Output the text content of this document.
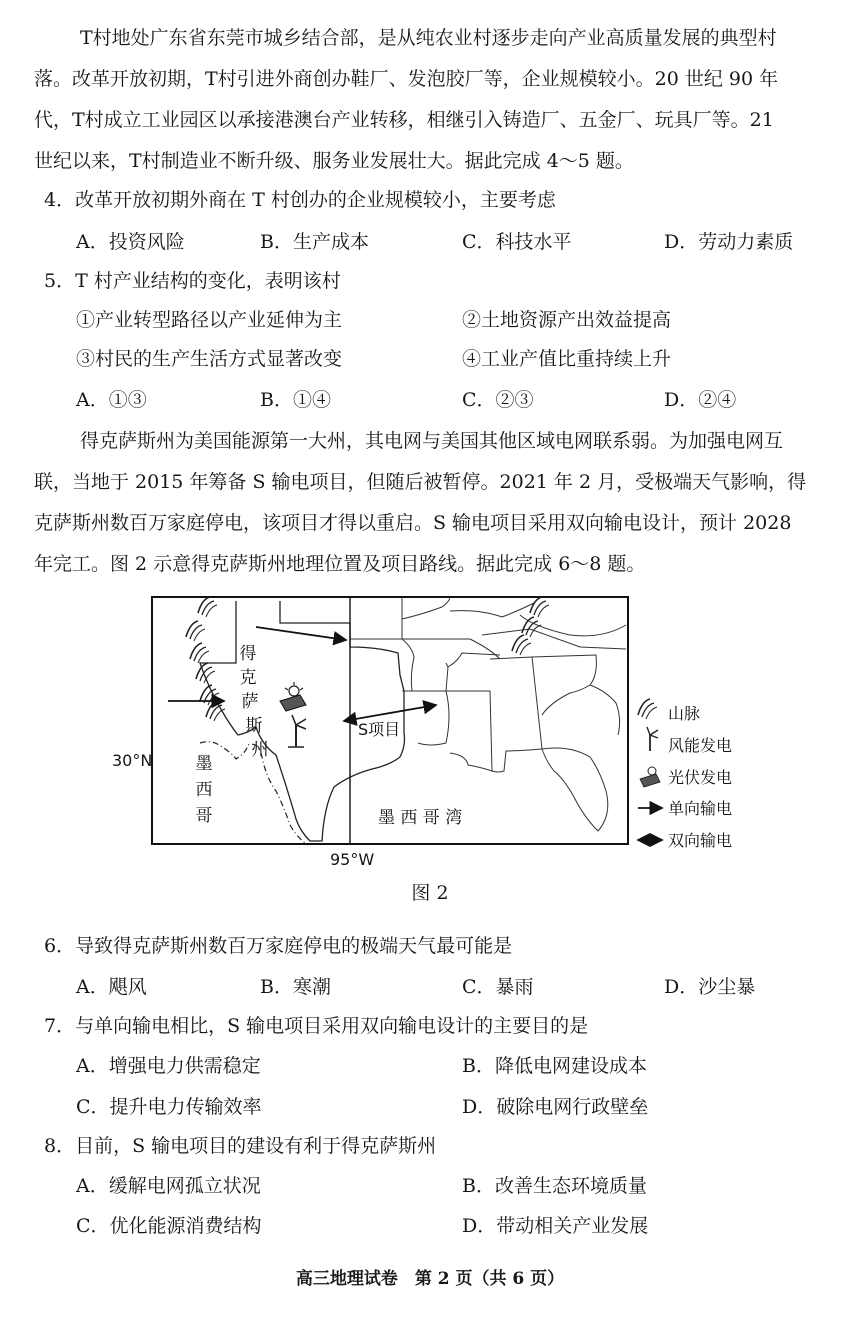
T村地处广东省东莞市城乡结合部，是从纯农业村逐步走向产业高质量发展的典型村
落。改革开放初期，T村引进外商创办鞋厂、发泡胶厂等，企业规模较小。20 世纪 90 年
代，T村成立工业园区以承接港澳台产业转移，相继引入铸造厂、五金厂、玩具厂等。21
世纪以来，T村制造业不断升级、服务业发展壮大。据此完成 4～5 题。
4．改革开放初期外商在 T 村创办的企业规模较小，主要考虑
A．投资风险	B．生产成本	C．科技水平	D．劳动力素质
5．T 村产业结构的变化，表明该村
①产业转型路径以产业延伸为主	②土地资源产出效益提高
③村民的生产生活方式显著改变	④工业产值比重持续上升
A．①③	B．①④	C．②③	D．②④
得克萨斯州为美国能源第一大州，其电网与美国其他区域电网联系弱。为加强电网互
联，当地于 2015 年筹备 S 输电项目，但随后被暂停。2021 年 2 月，受极端天气影响，得
克萨斯州数百万家庭停电，该项目才得以重启。S 输电项目采用双向输电设计，预计 2028
年完工。图 2 示意得克萨斯州地理位置及项目路线。据此完成 6～8 题。
得
克
萨
斯
州
墨
西
哥	墨 西 哥 湾
S项目
山脉
风能发电
光伏发电
单向输电
双向输电
30°N
95°W
图 2
6．导致得克萨斯州数百万家庭停电的极端天气最可能是
A．飓风	B．寒潮	C．暴雨	D．沙尘暴
7．与单向输电相比，S 输电项目采用双向输电设计的主要目的是
A．增强电力供需稳定	B．降低电网建设成本
C．提升电力传输效率	D．破除电网行政壁垒
8．目前，S 输电项目的建设有利于得克萨斯州
A．缓解电网孤立状况	B．改善生态环境质量
C．优化能源消费结构	D．带动相关产业发展
高三地理试卷　第 2 页（共 6 页）
